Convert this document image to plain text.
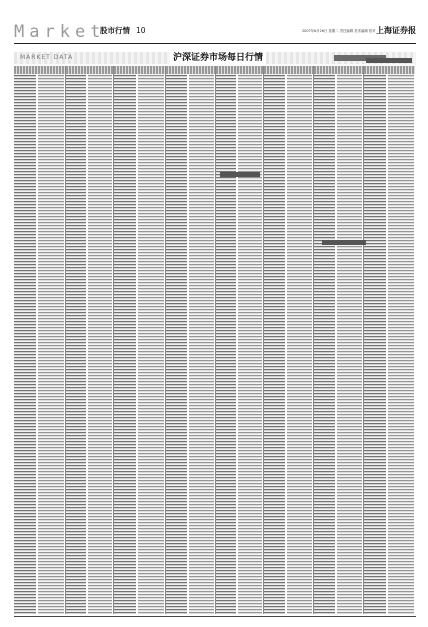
Market
股市行情 10	2007年6月26日 星期二 责任编辑 美术编辑 校对 上海证券报
MARKET DATA	沪深证券市场每日行情
